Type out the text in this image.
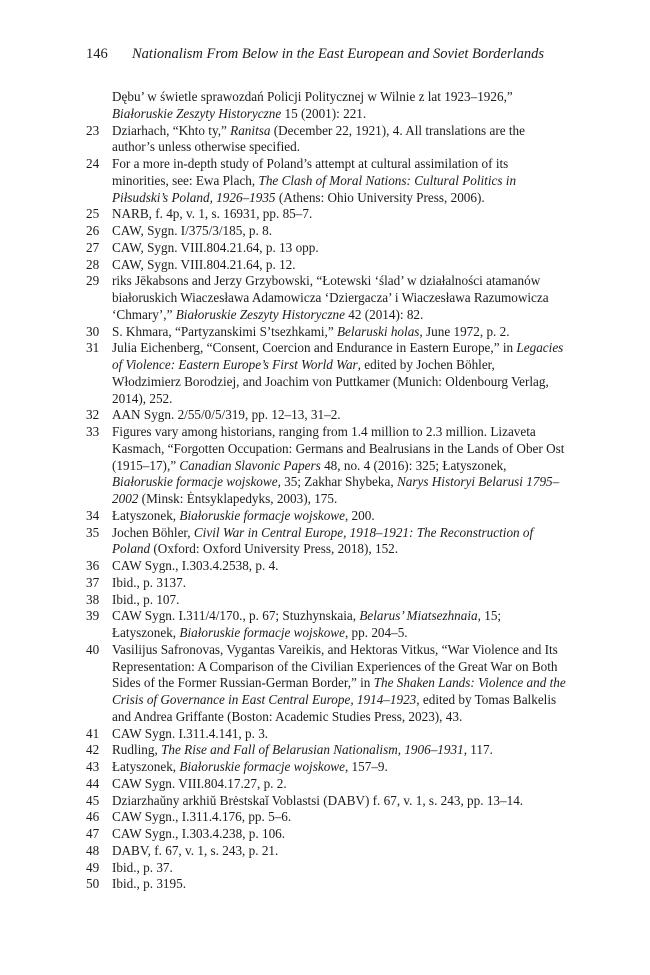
146 Nationalism From Below in the East European and Soviet Borderlands
Dębu’ w świetle sprawozdań Policji Politycznej w Wilnie z lat 1923–1926,” Białoruskie Zeszyty Historyczne 15 (2001): 221.
23 Dziarhach, “Khto ty,” Ranitsa (December 22, 1921), 4. All translations are the author’s unless otherwise specified.
24 For a more in-depth study of Poland’s attempt at cultural assimilation of its minorities, see: Ewa Plach, The Clash of Moral Nations: Cultural Politics in Piłsudski’s Poland, 1926–1935 (Athens: Ohio University Press, 2006).
25 NARB, f. 4p, v. 1, s. 16931, pp. 85–7.
26 CAW, Sygn. I/375/3/185, p. 8.
27 CAW, Sygn. VIII.804.21.64, p. 13 opp.
28 CAW, Sygn. VIII.804.21.64, p. 12.
29 riks Jēkabsons and Jerzy Grzybowski, “Łotewski ‘ślad’ w działalności atamanów białoruskich Wiaczesława Adamowicza ‘Dziergacza’ i Wiaczesława Razumowicza ‘Chmary’,” Białoruskie Zeszyty Historyczne 42 (2014): 82.
30 S. Khmara, “Partyzanskimi S’tsezhkami,” Belaruski holas, June 1972, p. 2.
31 Julia Eichenberg, “Consent, Coercion and Endurance in Eastern Europe,” in Legacies of Violence: Eastern Europe’s First World War, edited by Jochen Böhler, Włodzimierz Borodziej, and Joachim von Puttkamer (Munich: Oldenbourg Verlag, 2014), 252.
32 AAN Sygn. 2/55/0/5/319, pp. 12–13, 31–2.
33 Figures vary among historians, ranging from 1.4 million to 2.3 million. Lizaveta Kasmach, “Forgotten Occupation: Germans and Bealrusians in the Lands of Ober Ost (1915–17),” Canadian Slavonic Papers 48, no. 4 (2016): 325; Łatyszonek, Białoruskie formacje wojskowe, 35; Zakhar Shybeka, Narys Historyi Belarusi 1795–2002 (Minsk: Ėntsyklapedyks, 2003), 175.
34 Łatyszonek, Białoruskie formacje wojskowe, 200.
35 Jochen Böhler, Civil War in Central Europe, 1918–1921: The Reconstruction of Poland (Oxford: Oxford University Press, 2018), 152.
36 CAW Sygn., I.303.4.2538, p. 4.
37 Ibid., p. 3137.
38 Ibid., p. 107.
39 CAW Sygn. I.311/4/170., p. 67; Stuzhynskaia, Belarus’ Miatsezhnaia, 15; Łatyszonek, Białoruskie formacje wojskowe, pp. 204–5.
40 Vasilijus Safronovas, Vygantas Vareikis, and Hektoras Vitkus, “War Violence and Its Representation: A Comparison of the Civilian Experiences of the Great War on Both Sides of the Former Russian-German Border,” in The Shaken Lands: Violence and the Crisis of Governance in East Central Europe, 1914–1923, edited by Tomas Balkelis and Andrea Griffante (Boston: Academic Studies Press, 2023), 43.
41 CAW Sygn. I.311.4.141, p. 3.
42 Rudling, The Rise and Fall of Belarusian Nationalism, 1906–1931, 117.
43 Łatyszonek, Białoruskie formacje wojskowe, 157–9.
44 CAW Sygn. VIII.804.17.27, p. 2.
45 Dziarzhaŭny arkhiŭ Brėstskaĭ Voblastsi (DABV) f. 67, v. 1, s. 243, pp. 13–14.
46 CAW Sygn., I.311.4.176, pp. 5–6.
47 CAW Sygn., I.303.4.238, p. 106.
48 DABV, f. 67, v. 1, s. 243, p. 21.
49 Ibid., p. 37.
50 Ibid., p. 3195.
